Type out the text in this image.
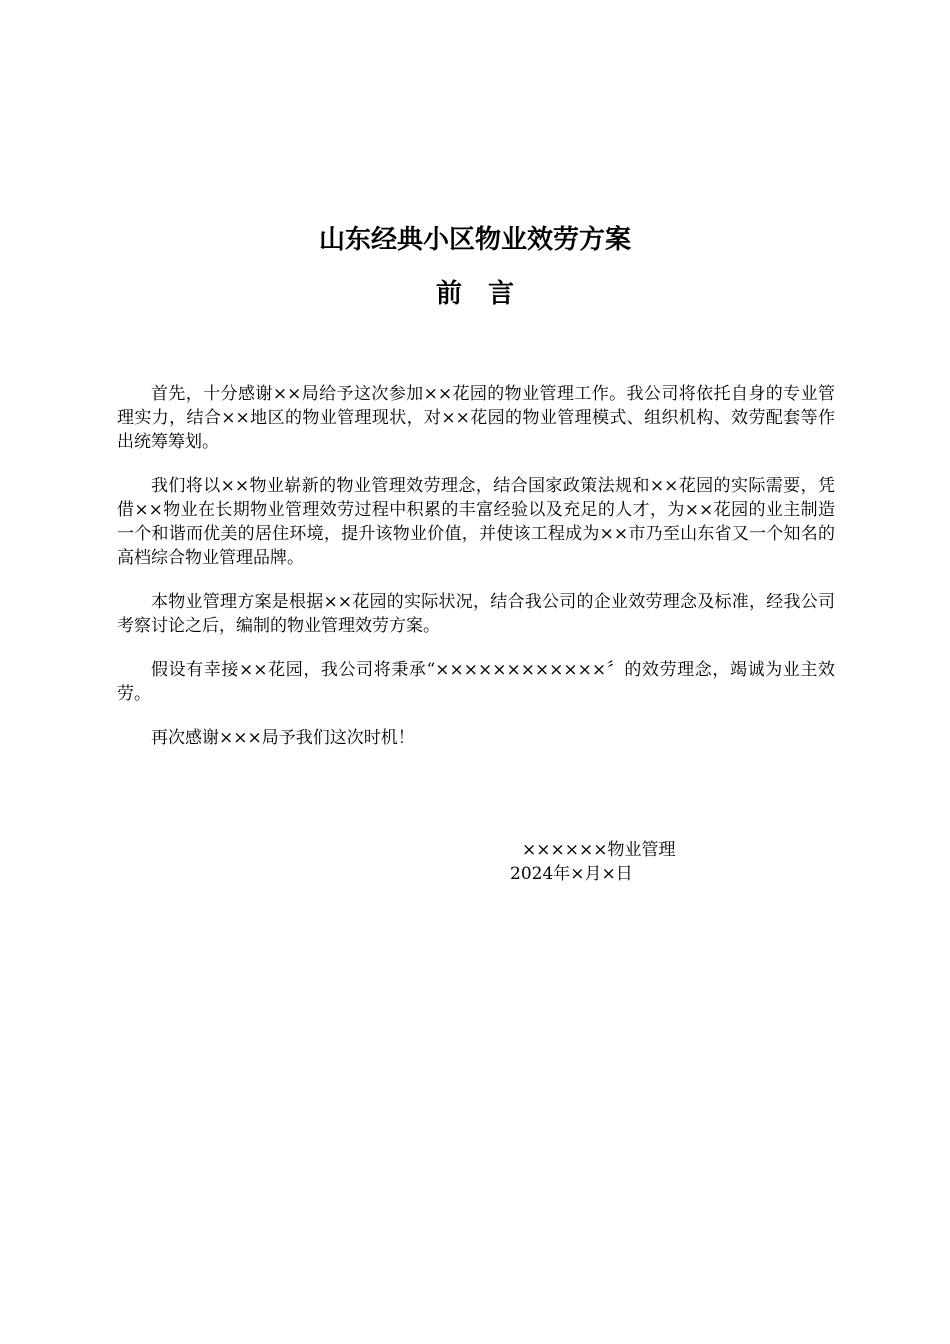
山东经典小区物业效劳方案
前　言

首先，十分感谢××局给予这次参加××花园的物业管理工作。我公司将依托自身的专业管理实力，结合××地区的物业管理现状，对××花园的物业管理模式、组织机构、效劳配套等作出统筹筹划。

我们将以××物业崭新的物业管理效劳理念，结合国家政策法规和××花园的实际需要，凭借××物业在长期物业管理效劳过程中积累的丰富经验以及充足的人才，为××花园的业主制造一个和谐而优美的居住环境，提升该物业价值，并使该工程成为××市乃至山东省又一个知名的高档综合物业管理品牌。

本物业管理方案是根据××花园的实际状况，结合我公司的企业效劳理念及标准，经我公司考察讨论之后，编制的物业管理效劳方案。

假设有幸接××花园，我公司将秉承“××××××××××××〞的效劳理念，竭诚为业主效劳。

再次感谢×××局予我们这次时机！

××××××物业管理
2024年×月×日
